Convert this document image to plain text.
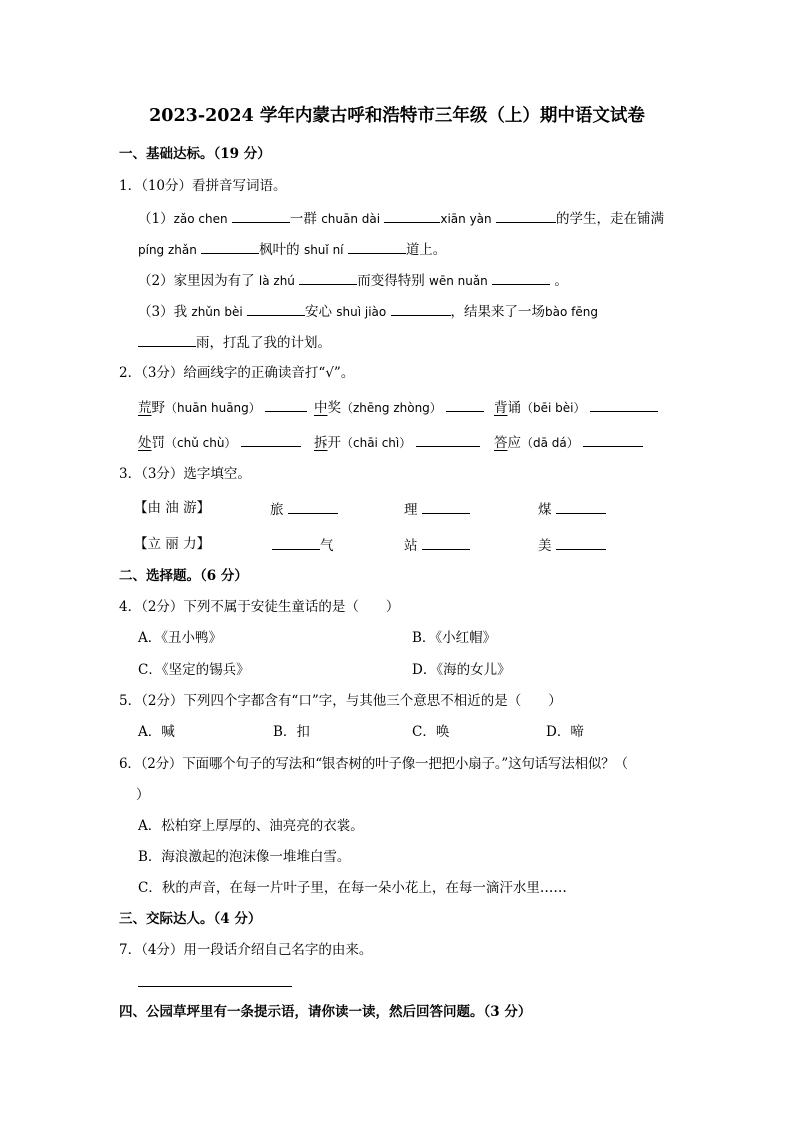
2023-2024 学年内蒙古呼和浩特市三年级（上）期中语文试卷
一、基础达标。（19 分）
1．（10分）看拼音写词语。
（1）zǎo chen	一群 chuān dài	xiān yàn	的学生，走在铺满
píng zhǎn	枫叶的 shuǐ ní	道上。
（2）家里因为有了 là zhú	而变得特别 wēn nuǎn	。
（3）我 zhǔn bèi	安心 shuì jiào	，结果来了一场bào fēng
雨，打乱了我的计划。
2．（3分）给画线字的正确读音打“√”。
荒野（huān huāng）	中奖（zhēng zhòng）	背诵（bēi bèi）
处罚（chǔ chù）	拆开（chāi chì）	答应（dā dá）
3．（3分）选字填空。
【由 油 游】	旅	理	煤
【立 丽 力】	气	站	美
二、选择题。（6 分）
4．（2分）下列不属于安徒生童话的是（　　）
A．《丑小鸭》	B．《小红帽》
C．《坚定的锡兵》	D．《海的女儿》
5．（2分）下列四个字都含有“口”字，与其他三个意思不相近的是（　　）
A．喊	B．扣	C．唤	D．啼
6．（2分）下面哪个句子的写法和“银杏树的叶子像一把把小扇子。”这句话写法相似？（
）
A．松柏穿上厚厚的、油亮亮的衣裳。
B．海浪激起的泡沫像一堆堆白雪。
C．秋的声音，在每一片叶子里，在每一朵小花上，在每一滴汗水里……
三、交际达人。（4 分）
7．（4分）用一段话介绍自己名字的由来。
四、公园草坪里有一条提示语，请你读一读，然后回答问题。（3 分）
